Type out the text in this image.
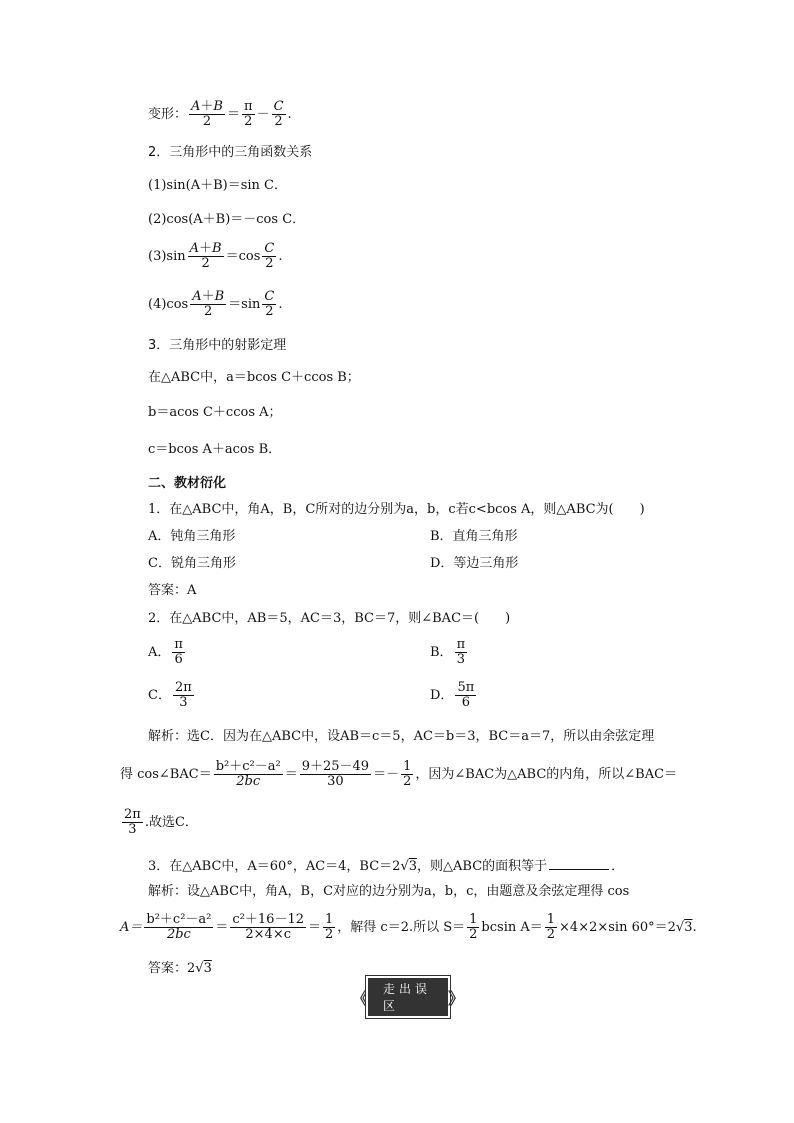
变形： $\frac{A+B}{2} = \frac{\pi}{2} - \frac{C}{2}$ .
2．三角形中的三角函数关系
(1)sin(A＋B)＝sin C．
(2)cos(A＋B)＝－cos C．
$(3)\sin \frac{A+B}{2} =\cos \frac{C}{2}$ .
$(4)\cos \frac{A+B}{2} =\sin \frac{C}{2}$ .
3．三角形中的射影定理
在△ABC中，a＝bcos C＋ccos B；
b＝acos C＋ccos A；
c＝bcos A＋acos B．
二、教材衍化
1．在△ABC中，角A，B，C所对的边分别为a，b，c若c<bcos A，则△ABC为(　　)
A．钝角三角形	B．直角三角形
C．锐角三角形	D．等边三角形
答案：A
2．在△ABC中，AB＝5，AC＝3，BC＝7，则∠BAC＝(　　)
A． $\frac{\pi}{6}$	B． $\frac{\pi}{3}$
C． $\frac{2\pi}{3}$	D． $\frac{5\pi}{6}$
解析：选C．因为在△ABC中，设AB＝c＝5，AC＝b＝3，BC＝a＝7，所以由余弦定理
得 cos∠BAC＝ $\frac{\text{b²＋c²－a²}}{2bc} = \frac{9+25-49}{30} =- \frac{1}{2}$ ，因为∠BAC为△ABC的内角，所以∠BAC＝
$\frac{2\pi}{3}$ .故选C．
3．在△ABC中，A＝60°，AC＝4，BC＝2√3，则△ABC的面积等于	．
解析：设△ABC中，角A，B，C对应的边分别为a，b，c，由题意及余弦定理得 cos
$A= \frac{\text{b²＋c²－a²}}{2bc} = \frac{\text{c²＋16－12}}{2\times 4\times c} = \frac{1}{2}$ ，解得 c＝2.所以 $S= \frac{1}{2}$ bcsin $A= \frac{1}{2} \times 4\times 2\times\sin$ 60°＝2√3.
答案：2√3
《	走出误区	》
